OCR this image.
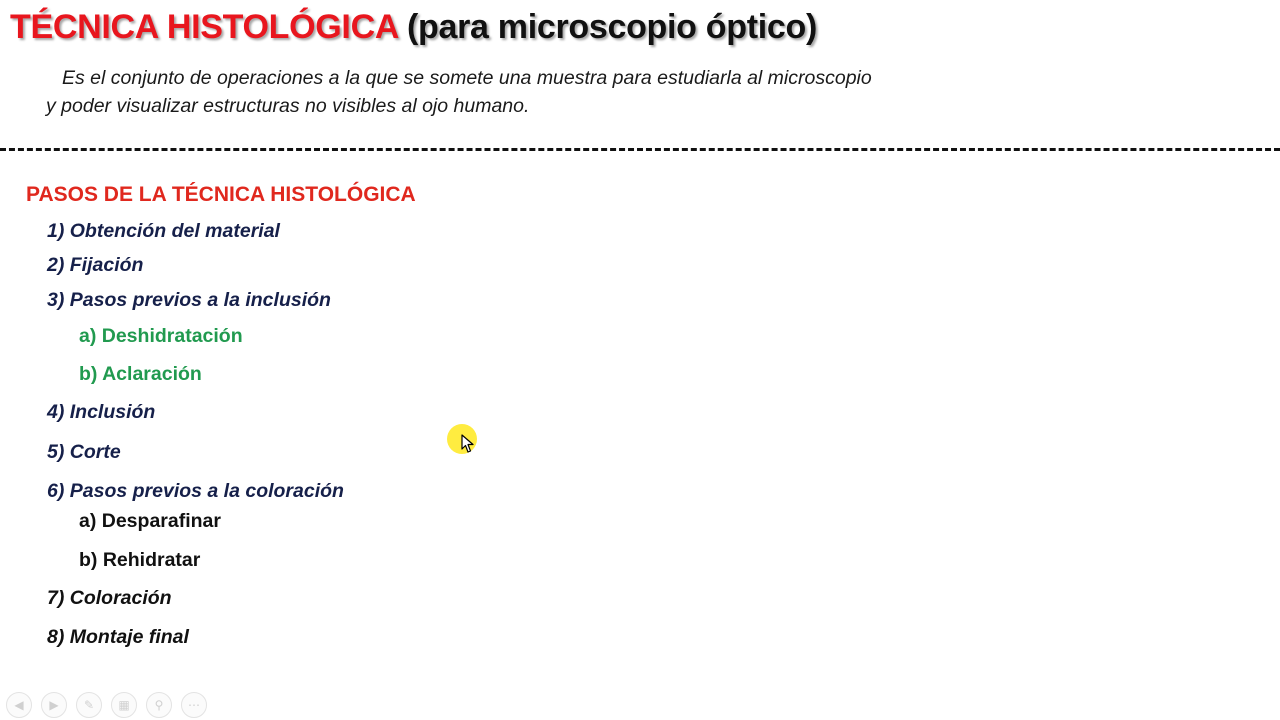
TÉCNICA HISTOLÓGICA (para microscopio óptico)

Es el conjunto de operaciones a la que se somete una muestra para estudiarla al microscopio y poder visualizar estructuras no visibles al ojo humano.

PASOS DE LA TÉCNICA HISTOLÓGICA
1) Obtención del material
2) Fijación
3) Pasos previos a la inclusión
a) Deshidratación
b) Aclaración
4) Inclusión
5) Corte
6) Pasos previos a la coloración
a) Desparafinar
b) Rehidratar
7) Coloración
8) Montaje final
◀	▶	✎	▦	⚲	⋯
